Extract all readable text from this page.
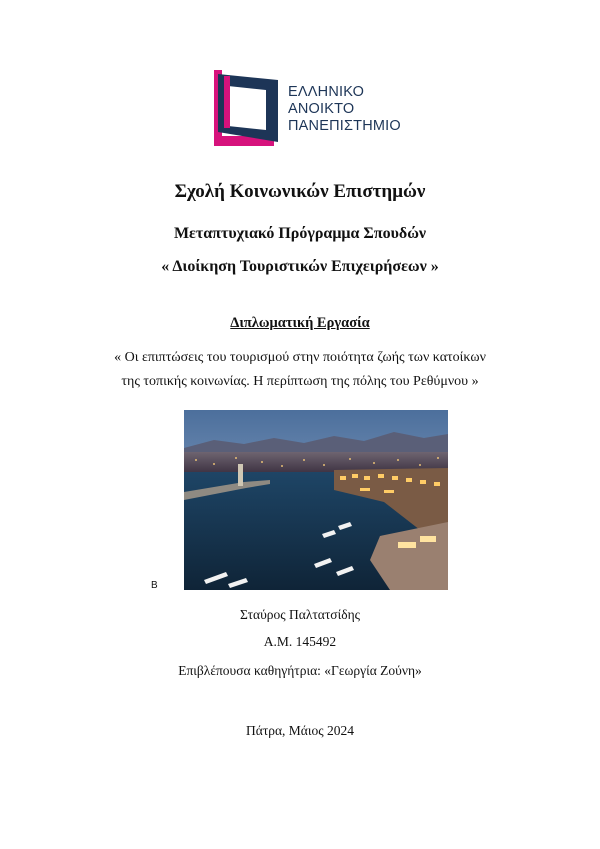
ΕΛΛΗΝΙΚΟ
ΑΝΟΙΚΤΟ
ΠΑΝΕΠΙΣΤΗΜΙΟ
Σχολή Κοινωνικών Επιστημών
Μεταπτυχιακό Πρόγραμμα Σπουδών
« Διοίκηση Τουριστικών Επιχειρήσεων »
Διπλωματική Εργασία
« Οι επιπτώσεις του τουρισμού στην ποιότητα ζωής των κατοίκων
της τοπικής κοινωνίας. Η περίπτωση της πόλης του Ρεθύμνου »
B
Σταύρος Παλτατσίδης
Α.Μ. 145492
Επιβλέπουσα καθηγήτρια: «Γεωργία Ζούνη»
Πάτρα, Μάιος 2024
